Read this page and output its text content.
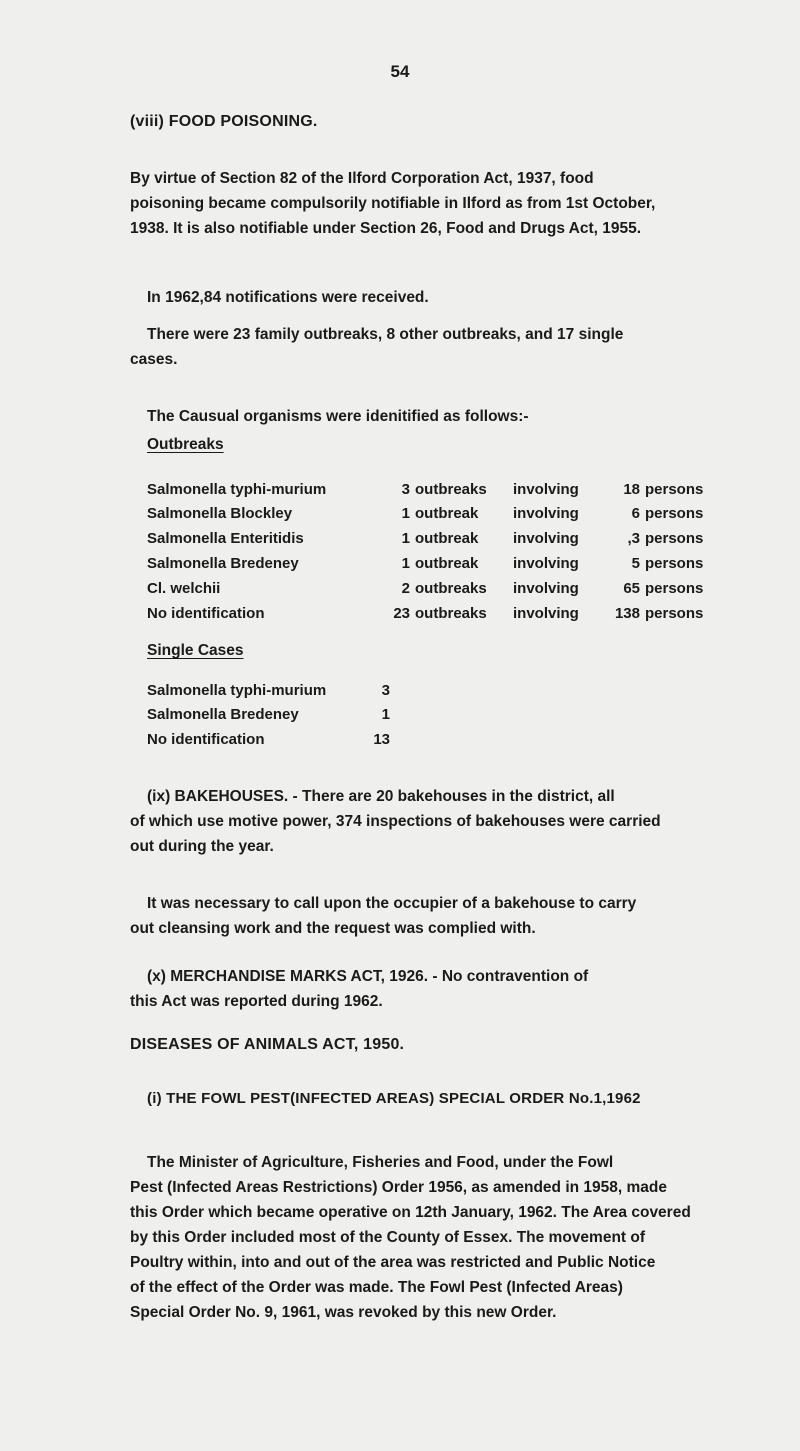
54
(viii) FOOD POISONING.
By virtue of Section 82 of the Ilford Corporation Act, 1937, food
poisoning became compulsorily notifiable in Ilford as from 1st October,
1938. It is also notifiable under Section 26, Food and Drugs Act, 1955.
In 1962,84 notifications were received.
There were 23 family outbreaks, 8 other outbreaks, and 17 single
cases.
The Causual organisms were idenitified as follows:-
Outbreaks
Salmonella typhi-murium	3 outbreaks involving	18 persons
Salmonella Blockley	1 outbreak involving	6 persons
Salmonella Enteritidis	1 outbreak involving	,3 persons
Salmonella Bredeney	1 outbreak involving	5 persons
Cl. welchii	2 outbreaks involving	65 persons
No identification	23 outbreaks involving	138 persons
Single Cases
Salmonella typhi-murium	3
Salmonella Bredeney	1
No identification	13
(ix) BAKEHOUSES. - There are 20 bakehouses in the district, all
of which use motive power, 374 inspections of bakehouses were carried
out during the year.
It was necessary to call upon the occupier of a bakehouse to carry
out cleansing work and the request was complied with.
(x) MERCHANDISE MARKS ACT, 1926. - No contravention of
this Act was reported during 1962.
DISEASES OF ANIMALS ACT, 1950.
(i) THE FOWL PEST(INFECTED AREAS) SPECIAL ORDER No.1,1962
The Minister of Agriculture, Fisheries and Food, under the Fowl
Pest (Infected Areas Restrictions) Order 1956, as amended in 1958, made
this Order which became operative on 12th January, 1962. The Area covered
by this Order included most of the County of Essex. The movement of
Poultry within, into and out of the area was restricted and Public Notice
of the effect of the Order was made. The Fowl Pest (Infected Areas)
Special Order No. 9, 1961, was revoked by this new Order.
